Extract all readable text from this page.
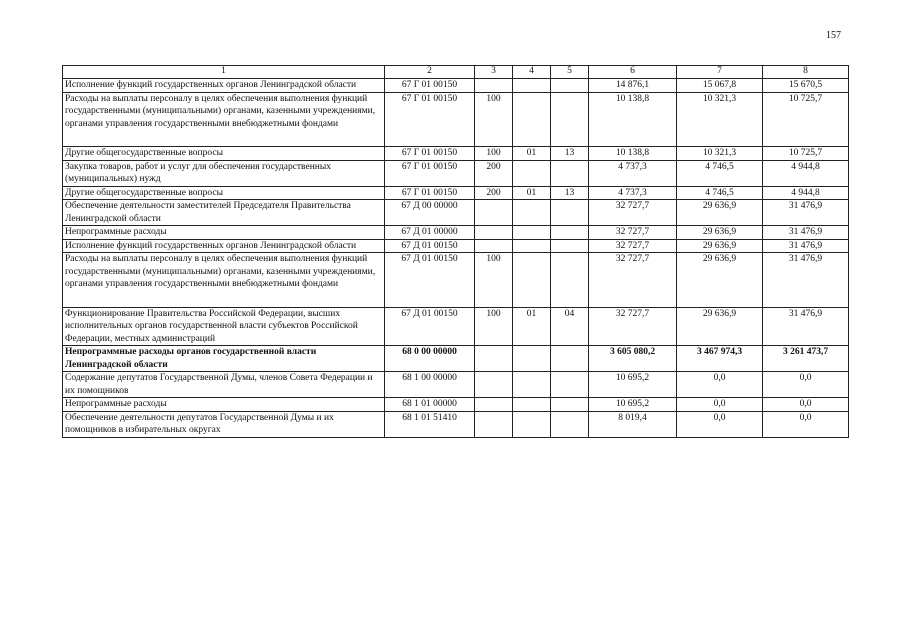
157
1	2	3	4	5	6	7	8
Исполнение функций государственных органов Ленинградской области	67 Г 01 00150				14 876,1	15 067,8	15 670,5
Расходы на выплаты персоналу в целях обеспечения выполнения функций государственными (муниципальными) органами, казенными учреждениями, органами управления государственными внебюджетными фондами	67 Г 01 00150	100			10 138,8	10 321,3	10 725,7
Другие общегосударственные вопросы	67 Г 01 00150	100	01	13	10 138,8	10 321,3	10 725,7
Закупка товаров, работ и услуг для обеспечения государственных (муниципальных) нужд	67 Г 01 00150	200			4 737,3	4 746,5	4 944,8
Другие общегосударственные вопросы	67 Г 01 00150	200	01	13	4 737,3	4 746,5	4 944,8
Обеспечение деятельности заместителей Председателя Правительства Ленинградской области	67 Д 00 00000				32 727,7	29 636,9	31 476,9
Непрограммные расходы	67 Д 01 00000				32 727,7	29 636,9	31 476,9
Исполнение функций государственных органов Ленинградской области	67 Д 01 00150				32 727,7	29 636,9	31 476,9
Расходы на выплаты персоналу в целях обеспечения выполнения функций государственными (муниципальными) органами, казенными учреждениями, органами управления государственными внебюджетными фондами	67 Д 01 00150	100			32 727,7	29 636,9	31 476,9
Функционирование Правительства Российской Федерации, высших исполнительных органов государственной власти субъектов Российской Федерации, местных администраций	67 Д 01 00150	100	01	04	32 727,7	29 636,9	31 476,9
Непрограммные расходы органов государственной власти Ленинградской области	68 0 00 00000				3 605 080,2	3 467 974,3	3 261 473,7
Содержание депутатов Государственной Думы, членов Совета Федерации и их помощников	68 1 00 00000				10 695,2	0,0	0,0
Непрограммные расходы	68 1 01 00000				10 695,2	0,0	0,0
Обеспечение деятельности депутатов Государственной Думы и их помощников в избирательных округах	68 1 01 51410				8 019,4	0,0	0,0
